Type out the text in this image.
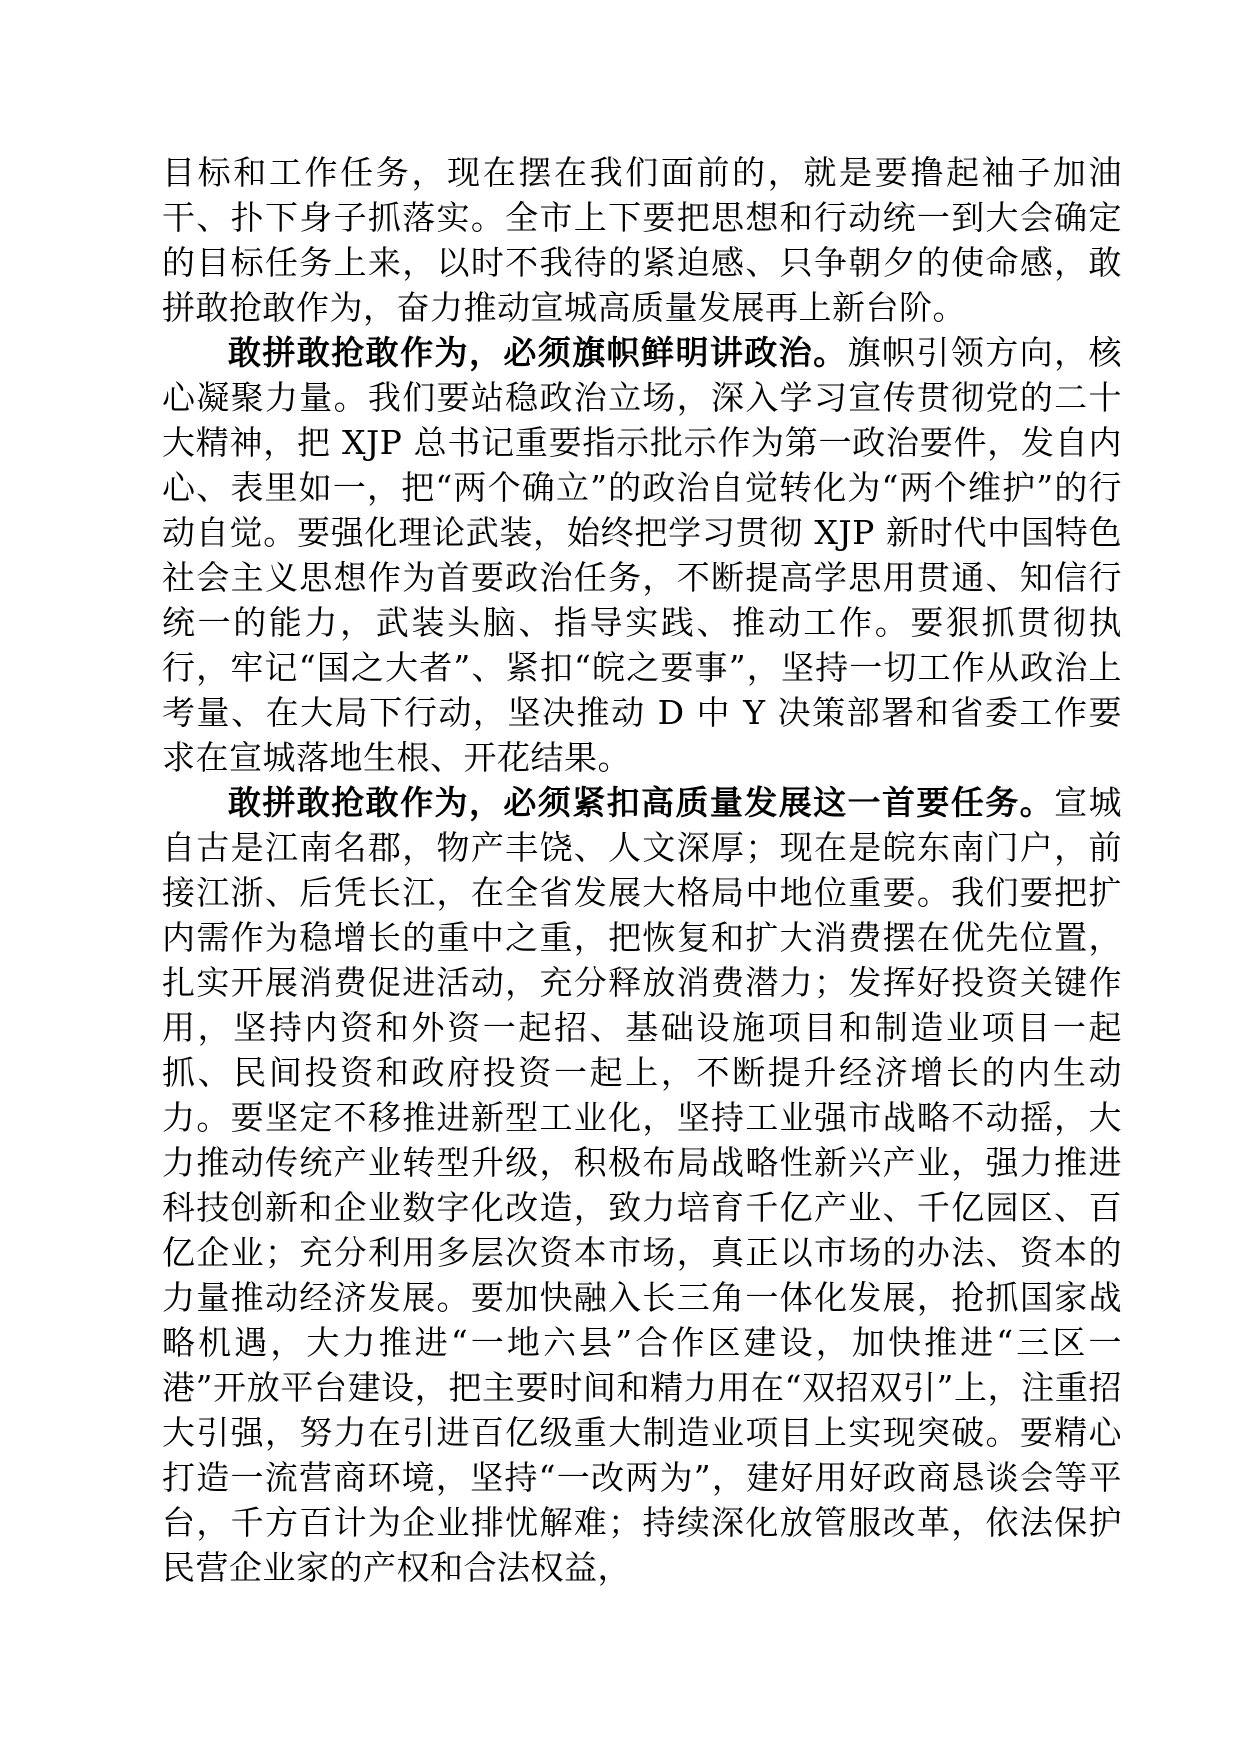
目标和工作任务，现在摆在我们面前的，就是要撸起袖子加油干、扑下身子抓落实。全市上下要把思想和行动统一到大会确定的目标任务上来，以时不我待的紧迫感、只争朝夕的使命感，敢拼敢抢敢作为，奋力推动宣城高质量发展再上新台阶。

敢拼敢抢敢作为，必须旗帜鲜明讲政治。旗帜引领方向，核心凝聚力量。我们要站稳政治立场，深入学习宣传贯彻党的二十大精神，把 XJP 总书记重要指示批示作为第一政治要件，发自内心、表里如一，把“两个确立”的政治自觉转化为“两个维护”的行动自觉。要强化理论武装，始终把学习贯彻 XJP 新时代中国特色社会主义思想作为首要政治任务，不断提高学思用贯通、知信行统一的能力，武装头脑、指导实践、推动工作。要狠抓贯彻执行，牢记“国之大者”、紧扣“皖之要事”，坚持一切工作从政治上考量、在大局下行动，坚决推动 D 中 Y 决策部署和省委工作要求在宣城落地生根、开花结果。

敢拼敢抢敢作为，必须紧扣高质量发展这一首要任务。宣城自古是江南名郡，物产丰饶、人文深厚；现在是皖东南门户，前接江浙、后凭长江，在全省发展大格局中地位重要。我们要把扩内需作为稳增长的重中之重，把恢复和扩大消费摆在优先位置，扎实开展消费促进活动，充分释放消费潜力；发挥好投资关键作用，坚持内资和外资一起招、基础设施项目和制造业项目一起抓、民间投资和政府投资一起上，不断提升经济增长的内生动力。要坚定不移推进新型工业化，坚持工业强市战略不动摇，大力推动传统产业转型升级，积极布局战略性新兴产业，强力推进科技创新和企业数字化改造，致力培育千亿产业、千亿园区、百亿企业；充分利用多层次资本市场，真正以市场的办法、资本的力量推动经济发展。要加快融入长三角一体化发展，抢抓国家战略机遇，大力推进“一地六县”合作区建设，加快推进“三区一港”开放平台建设，把主要时间和精力用在“双招双引”上，注重招大引强，努力在引进百亿级重大制造业项目上实现突破。要精心打造一流营商环境，坚持“一改两为”，建好用好政商恳谈会等平台，千方百计为企业排忧解难；持续深化放管服改革，依法保护民营企业家的产权和合法权益，
